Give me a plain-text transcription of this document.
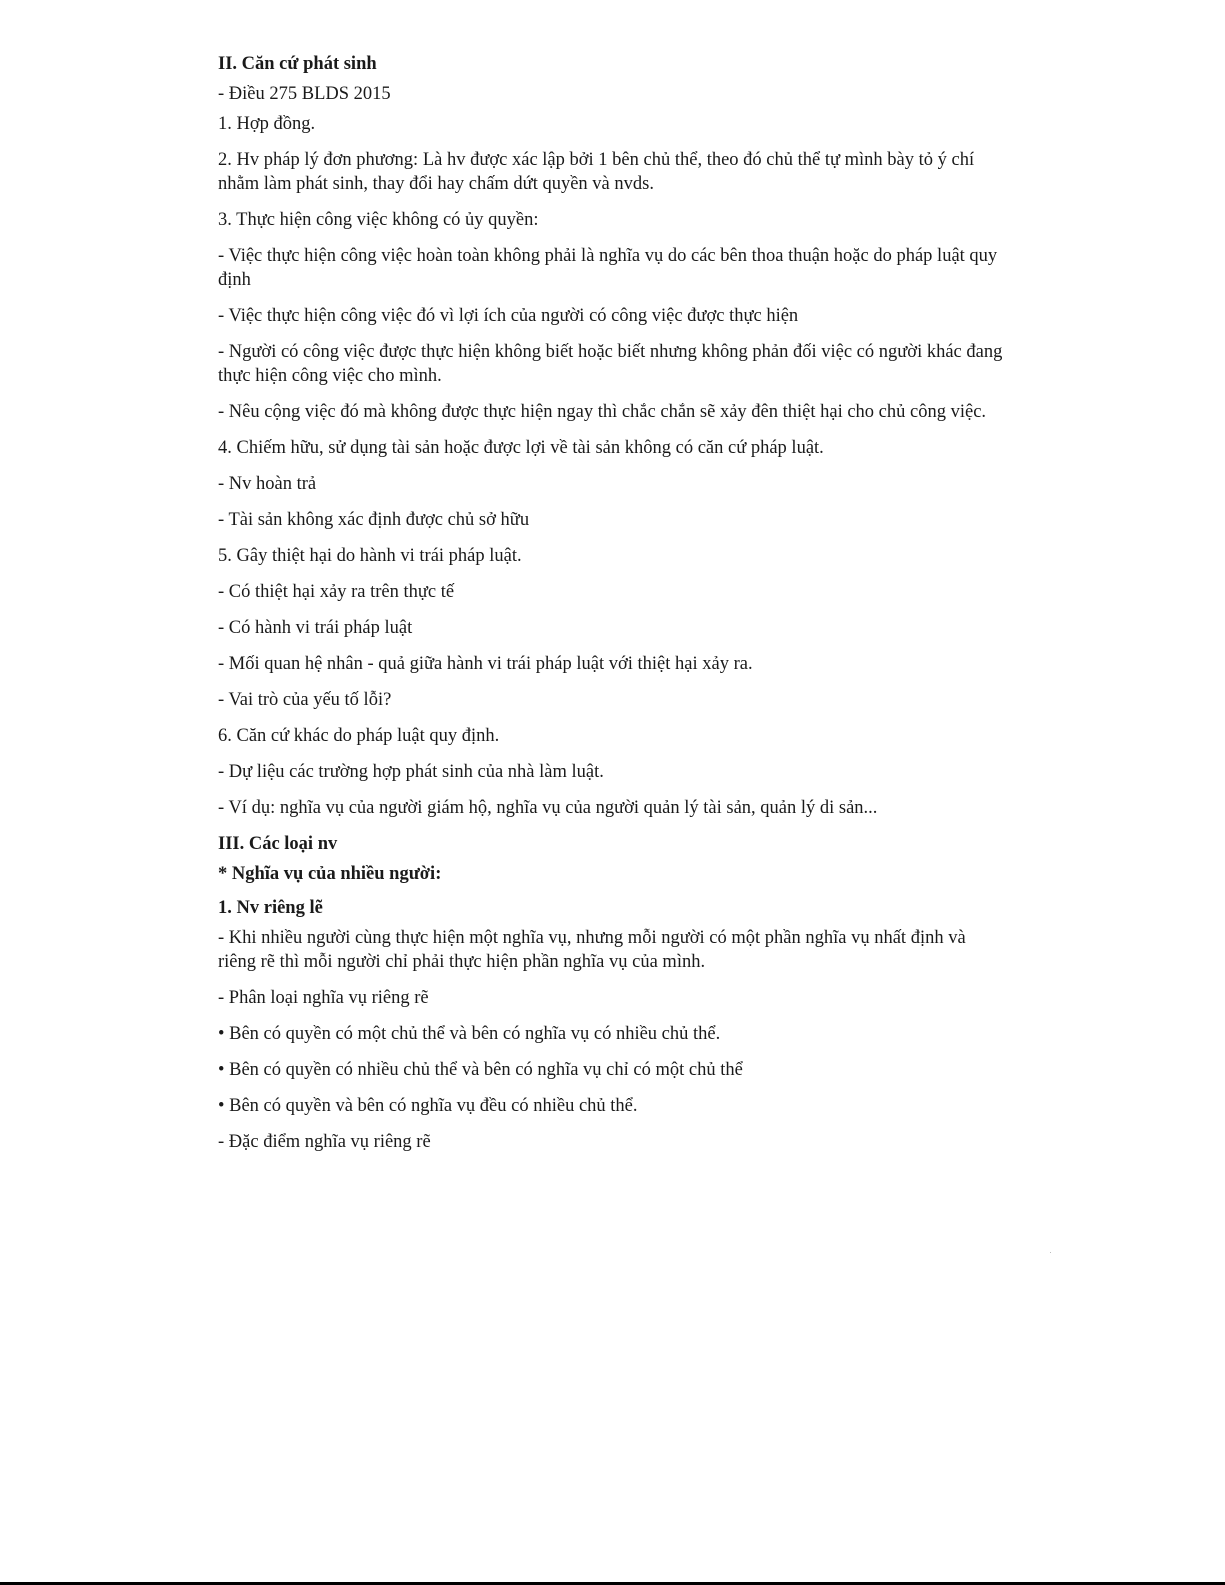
II. Căn cứ phát sinh

- Điều 275 BLDS 2015

1. Hợp đồng.

2. Hv pháp lý đơn phương: Là hv được xác lập bởi 1 bên chủ thể, theo đó chủ thể tự mình bày tỏ ý chí nhằm làm phát sinh, thay đổi hay chấm dứt quyền và nvds.

3. Thực hiện công việc không có ủy quyền:

- Việc thực hiện công việc hoàn toàn không phải là nghĩa vụ do các bên thoa thuận hoặc do pháp luật quy định

- Việc thực hiện công việc đó vì lợi ích của người có công việc được thực hiện

- Người có công việc được thực hiện không biết hoặc biết nhưng không phản đối việc có người khác đang thực hiện công việc cho mình.

- Nêu cộng việc đó mà không được thực hiện ngay thì chắc chắn sẽ xảy đên thiệt hại cho chủ công việc.

4. Chiếm hữu, sử dụng tài sản hoặc được lợi về tài sản không có căn cứ pháp luật.

- Nv hoàn trả

- Tài sản không xác định được chủ sở hữu

5. Gây thiệt hại do hành vi trái pháp luật.

- Có thiệt hại xảy ra trên thực tế

- Có hành vi trái pháp luật

- Mối quan hệ nhân - quả giữa hành vi trái pháp luật với thiệt hại xảy ra.

- Vai trò của yếu tố lỗi?

6. Căn cứ khác do pháp luật quy định.

- Dự liệu các trường hợp phát sinh của nhà làm luật.

- Ví dụ: nghĩa vụ của người giám hộ, nghĩa vụ của người quản lý tài sản, quản lý di sản...

III. Các loại nv
* Nghĩa vụ của nhiều người:
1. Nv riêng lẽ

- Khi nhiều người cùng thực hiện một nghĩa vụ, nhưng mỗi người có một phần nghĩa vụ nhất định và riêng rẽ thì mỗi người chỉ phải thực hiện phần nghĩa vụ của mình.

- Phân loại nghĩa vụ riêng rẽ

• Bên có quyền có một chủ thể và bên có nghĩa vụ có nhiều chủ thể.

• Bên có quyền có nhiều chủ thể và bên có nghĩa vụ chỉ có một chủ thể

• Bên có quyền và bên có nghĩa vụ đều có nhiều chủ thể.

- Đặc điểm nghĩa vụ riêng rẽ
